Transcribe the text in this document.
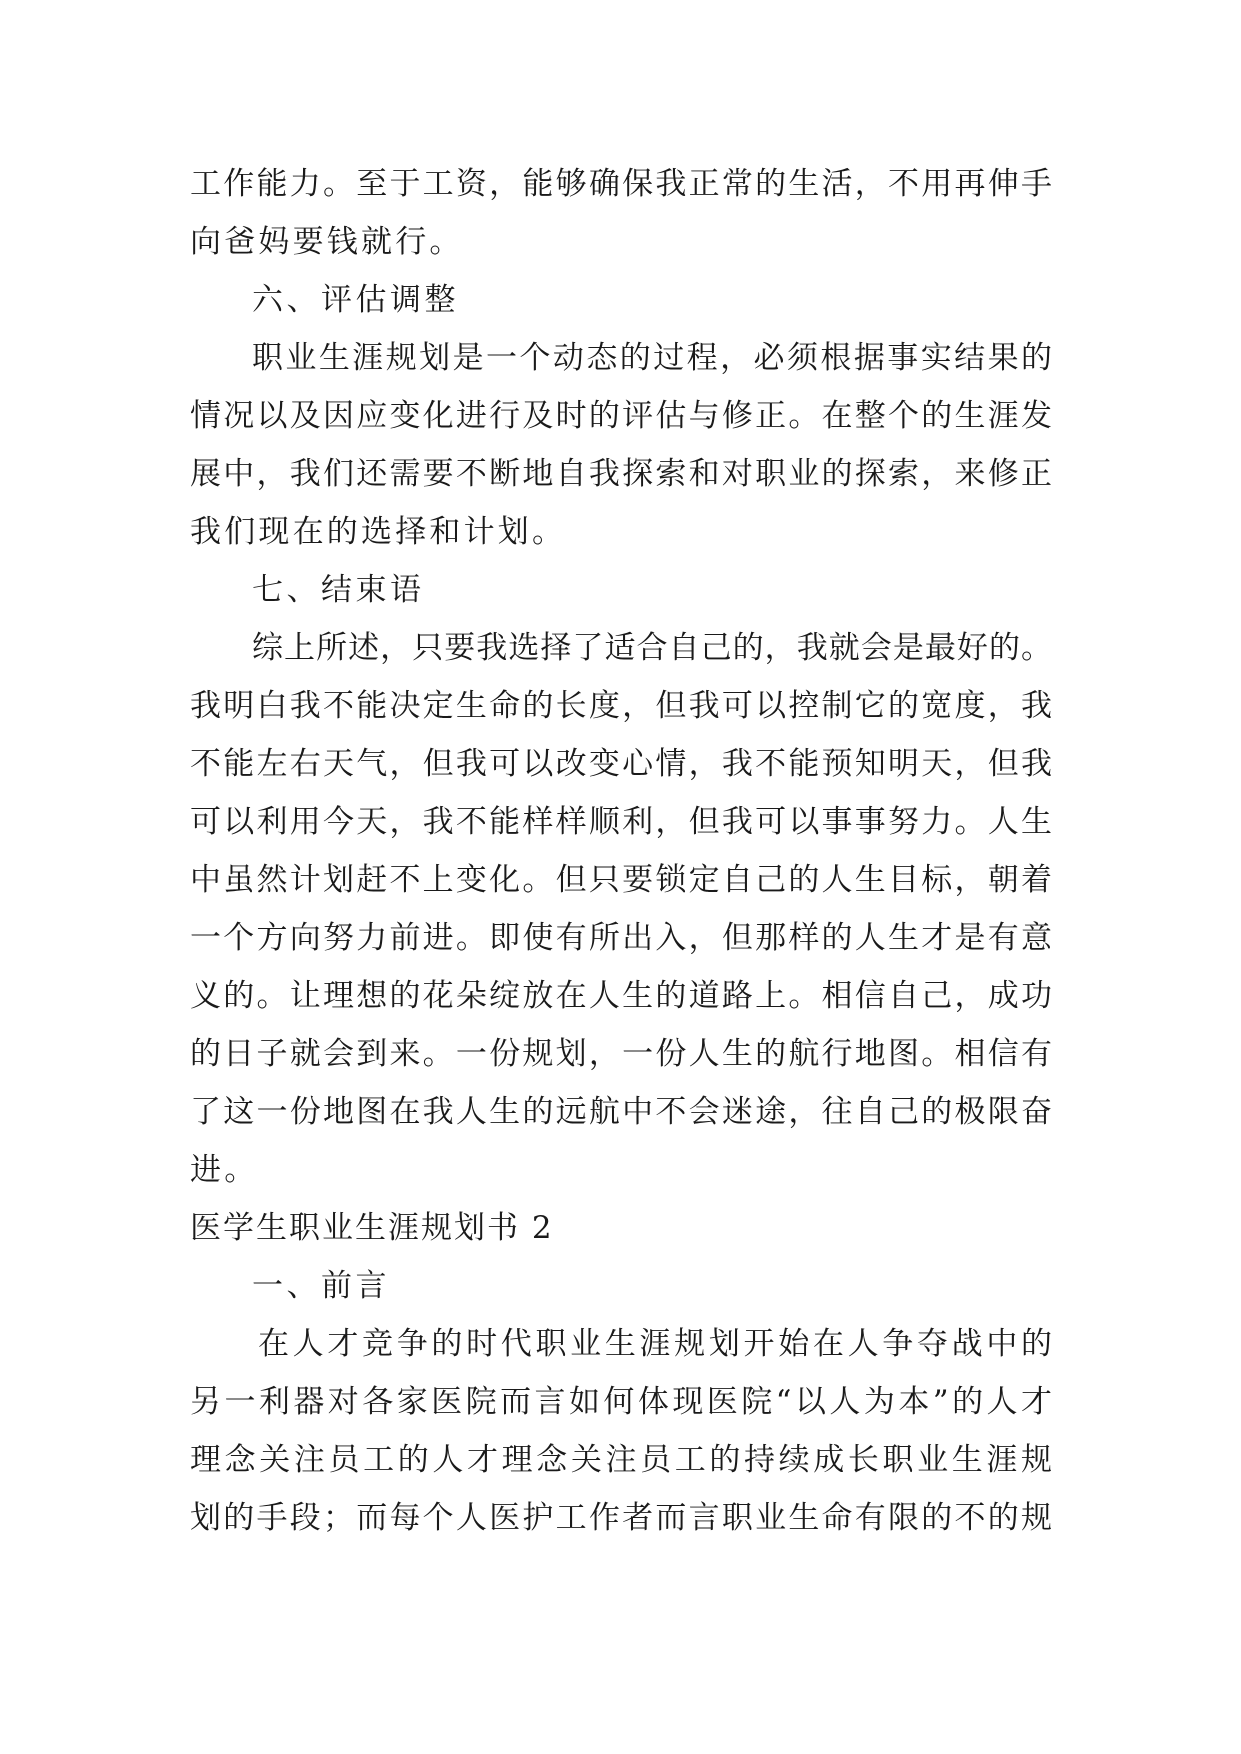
工作能力。至于工资，能够确保我正常的生活，不用再伸手
向爸妈要钱就行。
六、评估调整
职业生涯规划是一个动态的过程，必须根据事实结果的
情况以及因应变化进行及时的评估与修正。在整个的生涯发
展中，我们还需要不断地自我探索和对职业的探索，来修正
我们现在的选择和计划。
七、结束语
综上所述，只要我选择了适合自己的，我就会是最好的。
我明白我不能决定生命的长度，但我可以控制它的宽度，我
不能左右天气，但我可以改变心情，我不能预知明天，但我
可以利用今天，我不能样样顺利，但我可以事事努力。人生
中虽然计划赶不上变化。但只要锁定自己的人生目标，朝着
一个方向努力前进。即使有所出入，但那样的人生才是有意
义的。让理想的花朵绽放在人生的道路上。相信自己，成功
的日子就会到来。一份规划，一份人生的航行地图。相信有
了这一份地图在我人生的远航中不会迷途，往自己的极限奋
进。
医学生职业生涯规划书 2
一、前言
在人才竞争的时代职业生涯规划开始在人争夺战中的
另一利器对各家医院而言如何体现医院“以人为本”的人才
理念关注员工的人才理念关注员工的持续成长职业生涯规
划的手段；而每个人医护工作者而言职业生命有限的不的规
